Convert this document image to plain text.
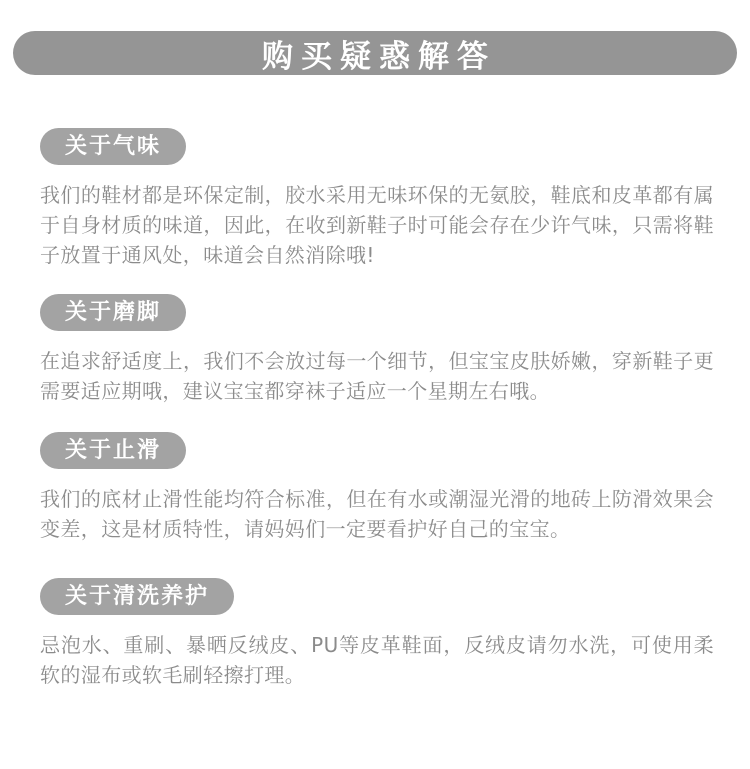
购买疑惑解答
关于气味

我们的鞋材都是环保定制，胶水采用无味环保的无氨胶，鞋底和皮革都有属于自身材质的味道，因此，在收到新鞋子时可能会存在少许气味，只需将鞋子放置于通风处，味道会自然消除哦!

关于磨脚

在追求舒适度上，我们不会放过每一个细节，但宝宝皮肤娇嫩，穿新鞋子更需要适应期哦，建议宝宝都穿袜子适应一个星期左右哦。

关于止滑

我们的底材止滑性能均符合标准，但在有水或潮湿光滑的地砖上防滑效果会变差，这是材质特性，请妈妈们一定要看护好自己的宝宝。

关于清洗养护

忌泡水、重刷、暴晒反绒皮、PU等皮革鞋面，反绒皮请勿水洗，可使用柔软的湿布或软毛刷轻擦打理。
